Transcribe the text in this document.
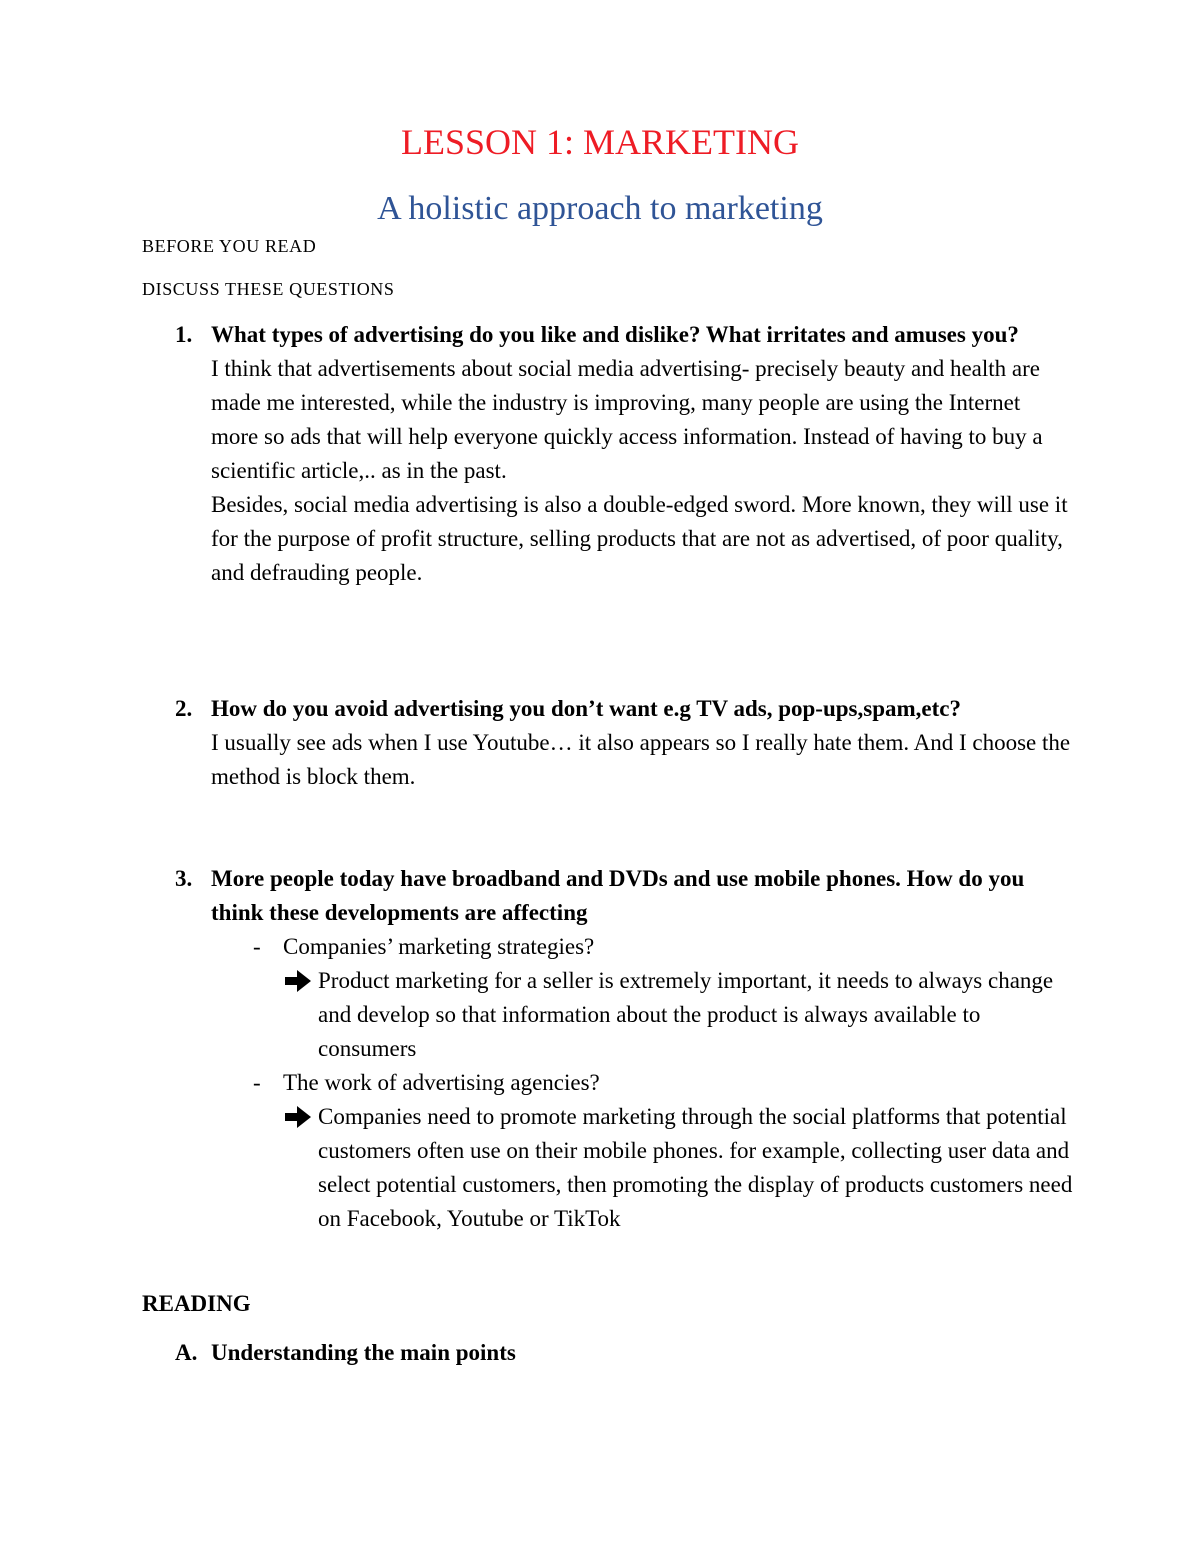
LESSON 1: MARKETING
A holistic approach to marketing
BEFORE YOU READ
DISCUSS THESE QUESTIONS
1. What types of advertising do you like and dislike? What irritates and amuses you?

I think that advertisements about social media advertising- precisely beauty and health are made me interested, while the industry is improving, many people are using the Internet more so ads that will help everyone quickly access information. Instead of having to buy a scientific article,.. as in the past.

Besides, social media advertising is also a double-edged sword. More known, they will use it for the purpose of profit structure, selling products that are not as advertised, of poor quality, and defrauding people.

2. How do you avoid advertising you don’t want e.g TV ads, pop-ups,spam,etc?

I usually see ads when I use Youtube… it also appears so I really hate them. And I choose the method is block them.

3. More people today have broadband and DVDs and use mobile phones. How do you think these developments are affecting

- Companies’ marketing strategies?
Product marketing for a seller is extremely important, it needs to always change and develop so that information about the product is always available to consumers
- The work of advertising agencies?
Companies need to promote marketing through the social platforms that potential customers often use on their mobile phones. for example, collecting user data and select potential customers, then promoting the display of products customers need on Facebook, Youtube or TikTok
READING
A. Understanding the main points
